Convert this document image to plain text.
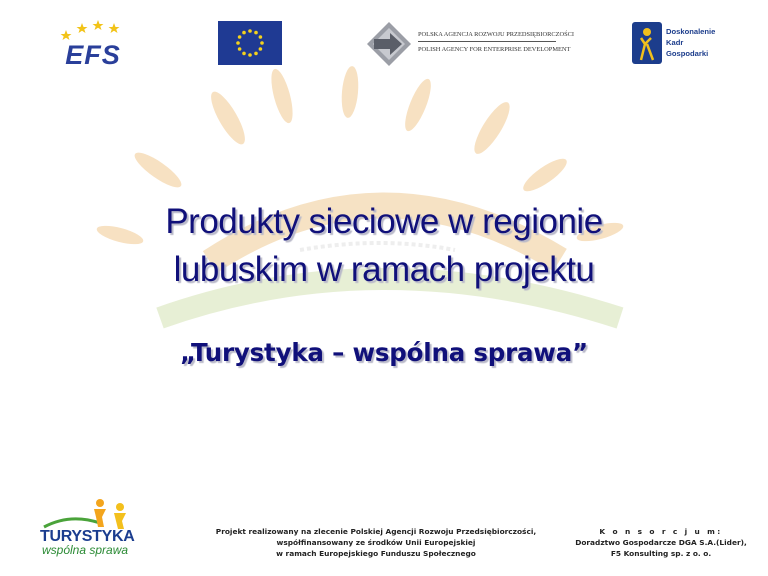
EFS
POLSKA AGENCJA ROZWOJU PRZEDSIĘBIORCZOŚCI
POLISH AGENCY FOR ENTERPRISE DEVELOPMENT
Doskonalenie
Kadr
Gospodarki
Produkty sieciowe w regionie
lubuskim w ramach projektu
„Turystyka – wspólna sprawa”
TURYSTYKA
wspólna sprawa
Projekt realizowany na zlecenie Polskiej Agencji Rozwoju Przedsiębiorczości,
współfinansowany ze środków Unii Europejskiej
w ramach Europejskiego Funduszu Społecznego
K o n s o r c j u m:
Doradztwo Gospodarcze DGA S.A.(Lider),
F5 Konsulting sp. z o. o.
